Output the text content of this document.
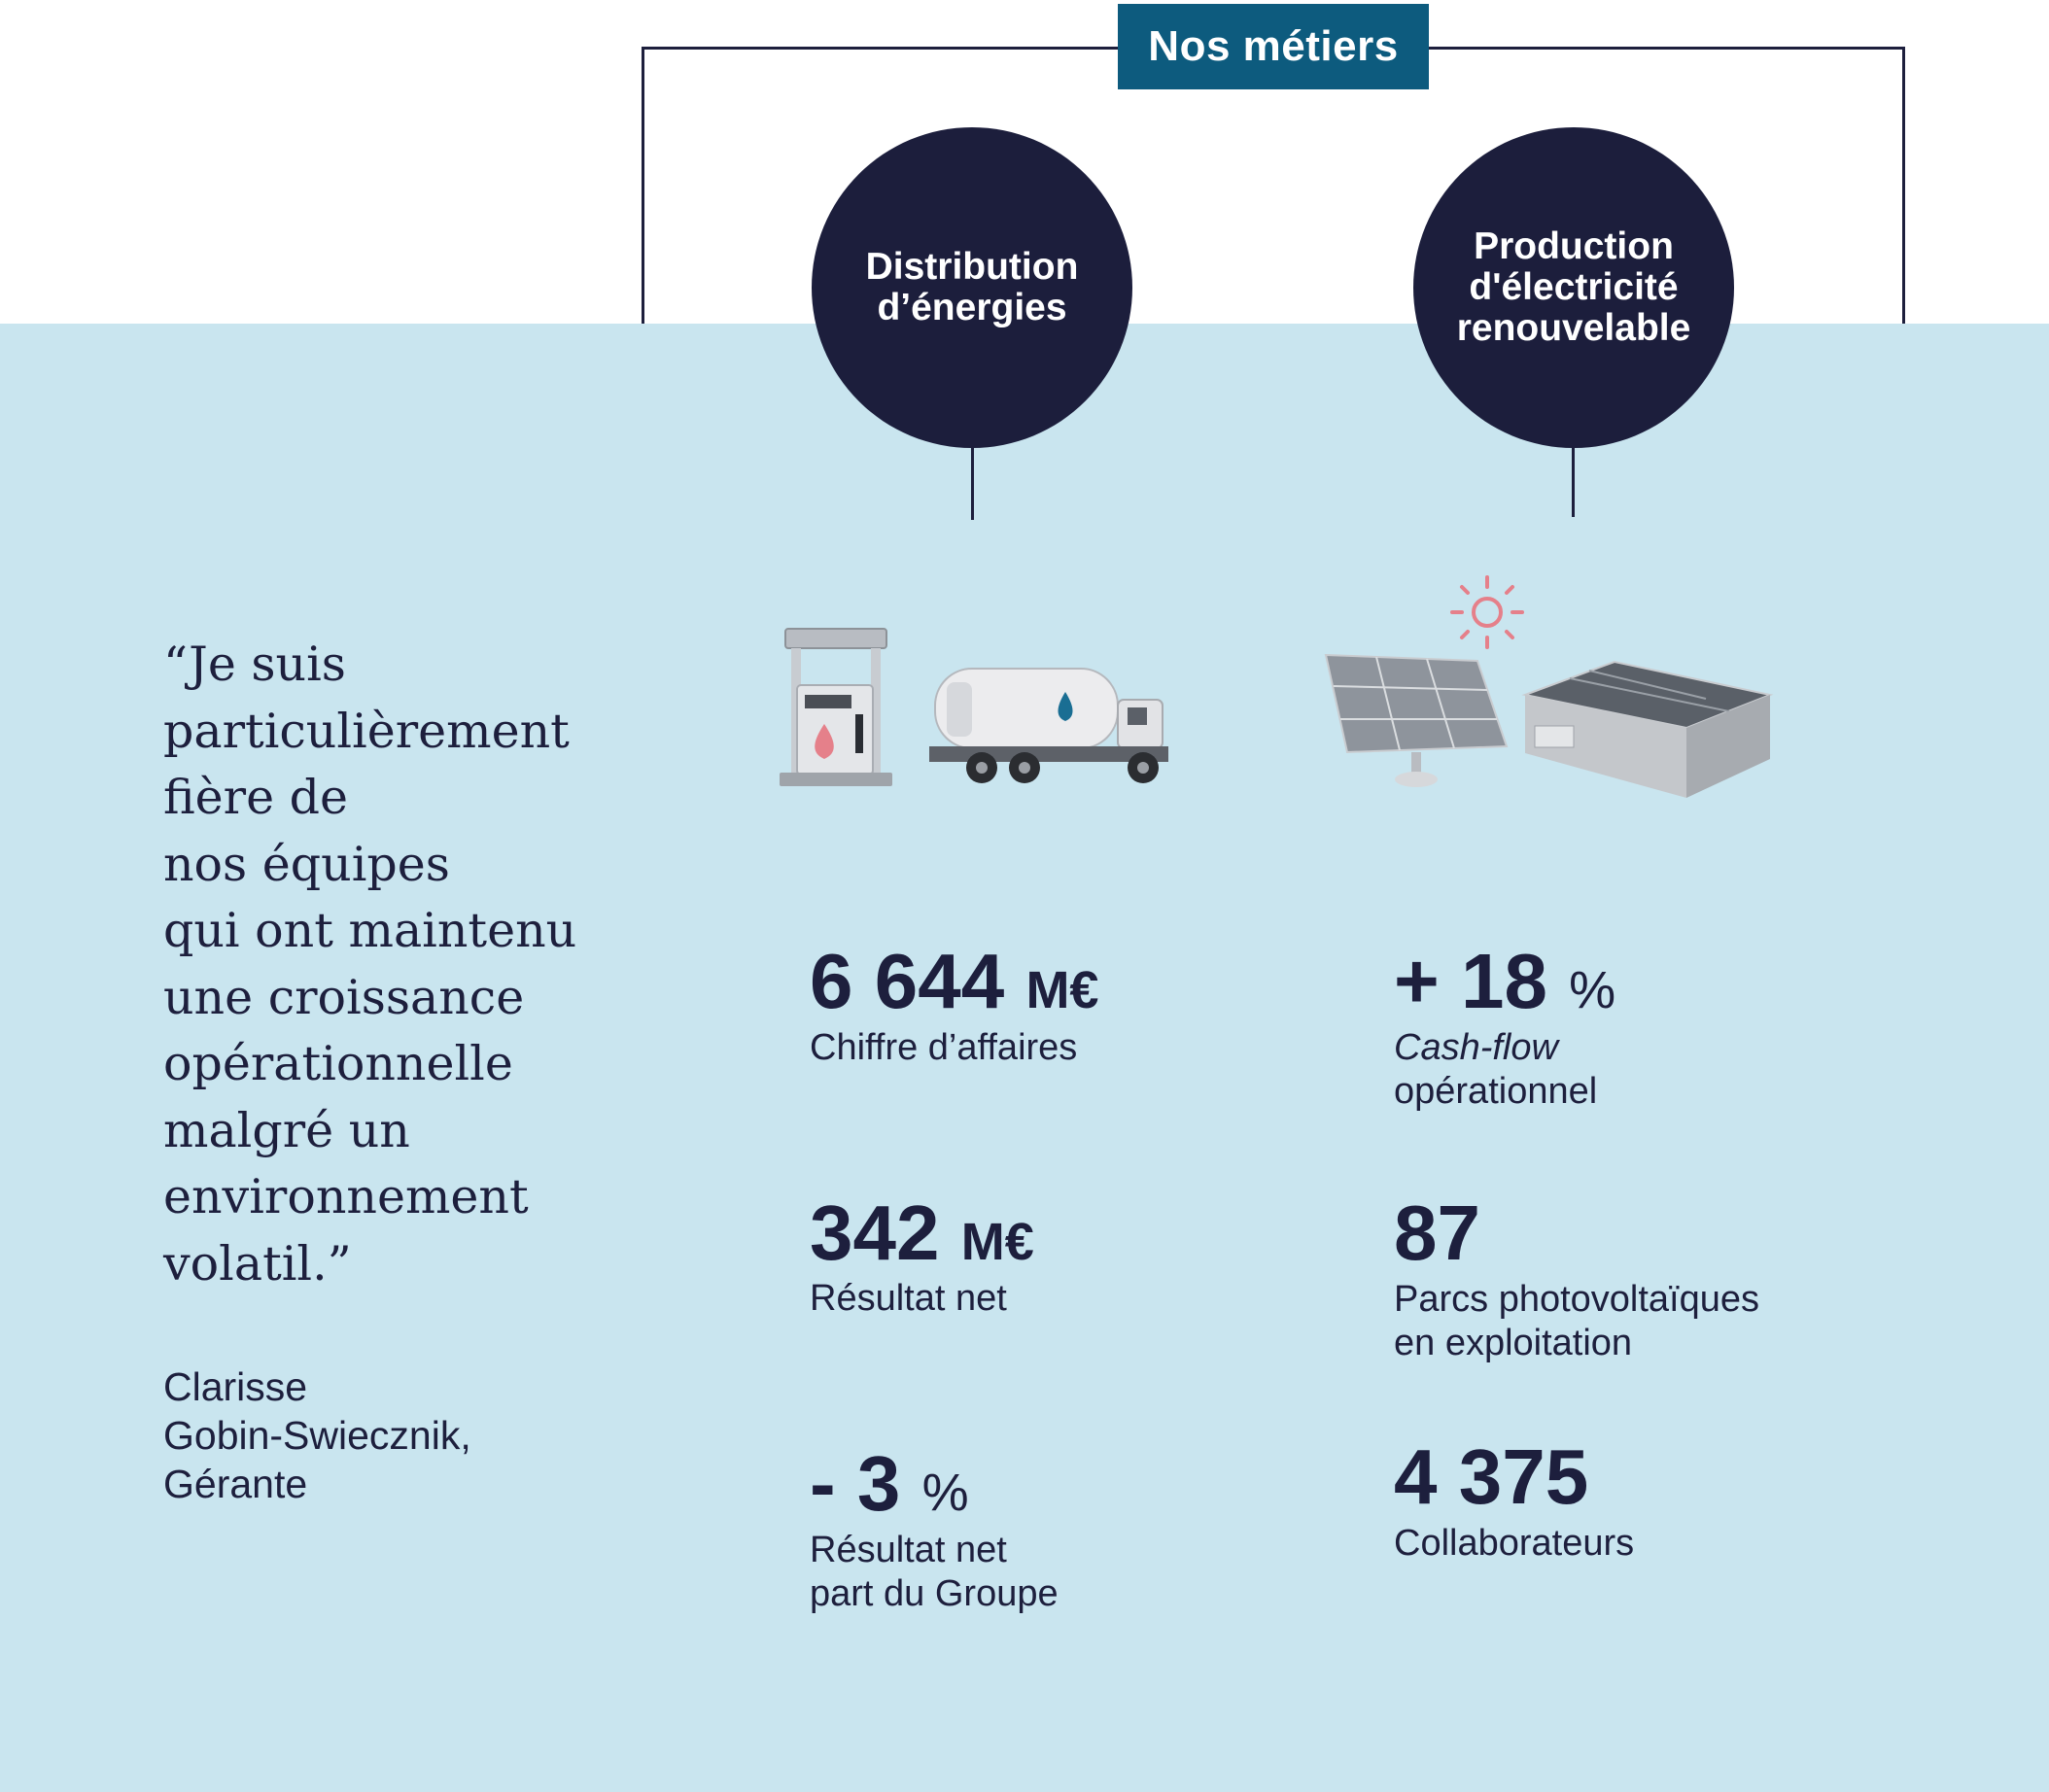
Nos métiers
Distribution
d’énergies
Production
d'électricité
renouvelable
“Je suis
particulièrement
fière de
nos équipes
qui ont maintenu
une croissance
opérationnelle
malgré un
environnement
volatil.”
Clarisse
Gobin-Swiecznik,
Gérante
6 644 M€
Chiffre d’affaires
342 M€
Résultat net
- 3 %
Résultat net
part du Groupe
+ 18 %
Cash-flow
opérationnel
87
Parcs photovoltaïques
en exploitation
4 375
Collaborateurs
